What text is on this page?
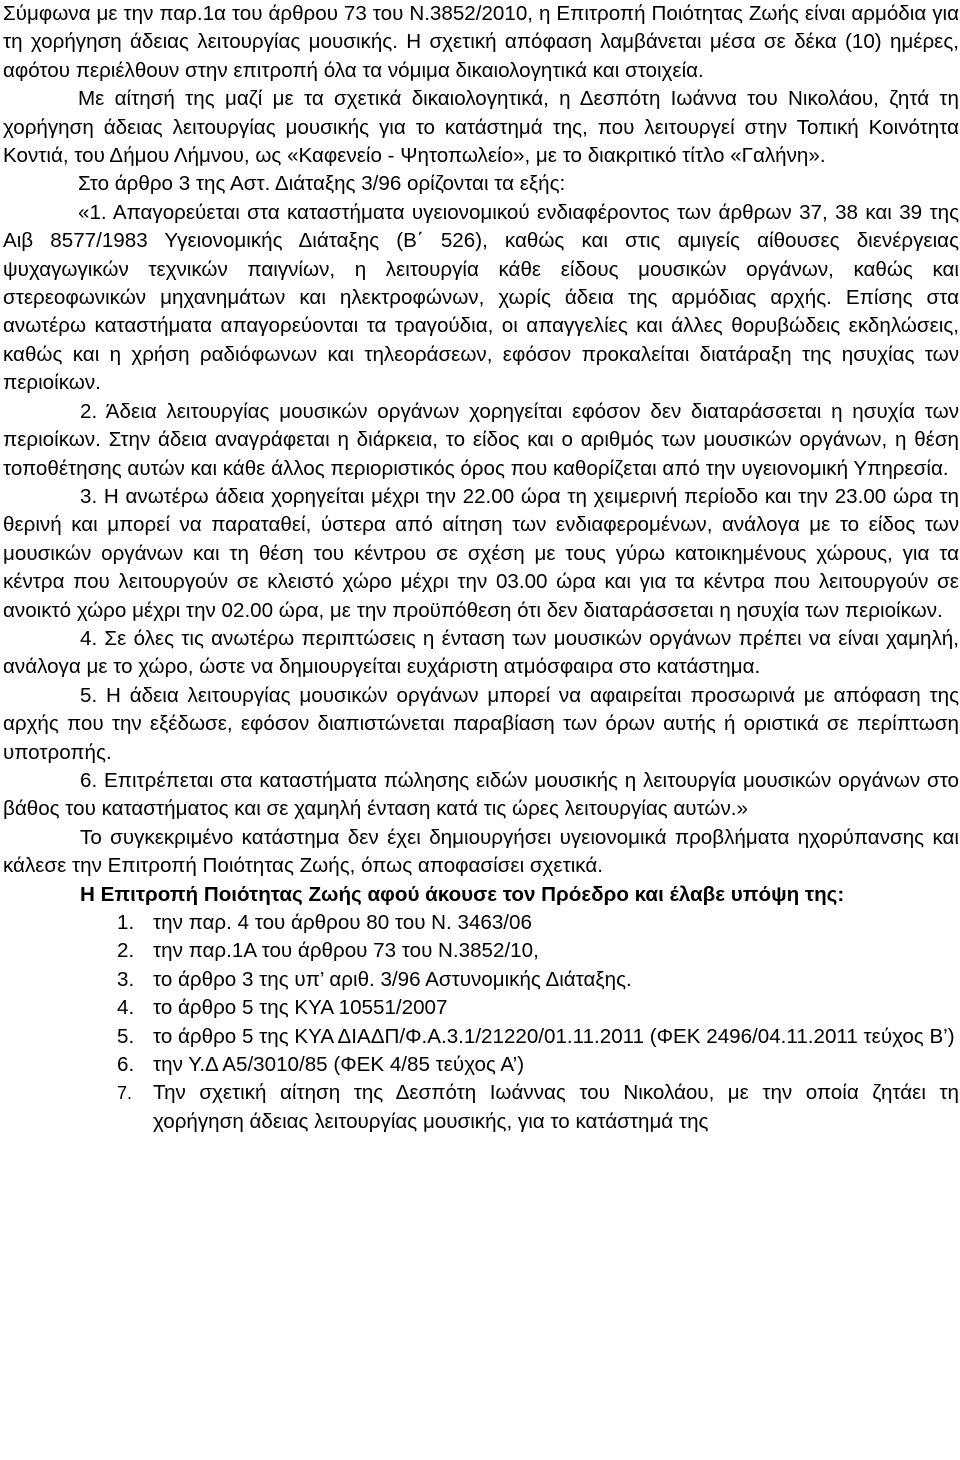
Σύμφωνα με την παρ.1α του άρθρου 73 του Ν.3852/2010, η Επιτροπή Ποιότητας Ζωής είναι αρμόδια για τη χορήγηση άδειας λειτουργίας μουσικής. Η σχετική απόφαση λαμβάνεται μέσα σε δέκα (10) ημέρες, αφότου περιέλθουν στην επιτροπή όλα τα νόμιμα δικαιολογητικά και στοιχεία.

Με αίτησή της μαζί με τα σχετικά δικαιολογητικά, η Δεσπότη Ιωάννα του Νικολάου, ζητά τη χορήγηση άδειας λειτουργίας μουσικής για το κατάστημά της, που λειτουργεί στην Τοπική Κοινότητα Κοντιά, του Δήμου Λήμνου, ως «Καφενείο - Ψητοπωλείο», με το διακριτικό τίτλο «Γαλήνη».

Στο άρθρο 3 της Αστ. Διάταξης 3/96 ορίζονται τα εξής:

«1. Απαγορεύεται στα καταστήματα υγειονομικού ενδιαφέροντος των άρθρων 37, 38 και 39 της Αιβ 8577/1983 Υγειονομικής Διάταξης (Β΄ 526), καθώς και στις αμιγείς αίθουσες διενέργειας ψυχαγωγικών τεχνικών παιγνίων, η λειτουργία κάθε είδους μουσικών οργάνων, καθώς και στερεοφωνικών μηχανημάτων και ηλεκτροφώνων, χωρίς άδεια της αρμόδιας αρχής. Επίσης στα ανωτέρω καταστήματα απαγορεύονται τα τραγούδια, οι απαγγελίες και άλλες θορυβώδεις εκδηλώσεις, καθώς και η χρήση ραδιόφωνων και τηλεοράσεων, εφόσον προκαλείται διατάραξη της ησυχίας των περιοίκων.

2. Άδεια λειτουργίας μουσικών οργάνων χορηγείται εφόσον δεν διαταράσσεται η ησυχία των περιοίκων. Στην άδεια αναγράφεται η διάρκεια, το είδος και ο αριθμός των μουσικών οργάνων, η θέση τοποθέτησης αυτών και κάθε άλλος περιοριστικός όρος που καθορίζεται από την υγειονομική Υπηρεσία.

3. Η ανωτέρω άδεια χορηγείται μέχρι την 22.00 ώρα τη χειμερινή περίοδο και την 23.00 ώρα τη θερινή και μπορεί να παραταθεί, ύστερα από αίτηση των ενδιαφερομένων, ανάλογα με το είδος των μουσικών οργάνων και τη θέση του κέντρου σε σχέση με τους γύρω κατοικημένους χώρους, για τα κέντρα που λειτουργούν σε κλειστό χώρο μέχρι την 03.00 ώρα και για τα κέντρα που λειτουργούν σε ανοικτό χώρο μέχρι την 02.00 ώρα, με την προϋπόθεση ότι δεν διαταράσσεται η ησυχία των περιοίκων.

4. Σε όλες τις ανωτέρω περιπτώσεις η ένταση των μουσικών οργάνων πρέπει να είναι χαμηλή, ανάλογα με το χώρο, ώστε να δημιουργείται ευχάριστη ατμόσφαιρα στο κατάστημα.

5. Η άδεια λειτουργίας μουσικών οργάνων μπορεί να αφαιρείται προσωρινά με απόφαση της αρχής που την εξέδωσε, εφόσον διαπιστώνεται παραβίαση των όρων αυτής ή οριστικά σε περίπτωση υποτροπής.

6. Επιτρέπεται στα καταστήματα πώλησης ειδών μουσικής η λειτουργία μουσικών οργάνων στο βάθος του καταστήματος και σε χαμηλή ένταση κατά τις ώρες λειτουργίας αυτών.»

Το συγκεκριμένο κατάστημα δεν έχει δημιουργήσει υγειονομικά προβλήματα ηχορύπανσης και κάλεσε την Επιτροπή Ποιότητας Ζωής, όπως αποφασίσει σχετικά.

Η Επιτροπή Ποιότητας Ζωής αφού άκουσε τον Πρόεδρο και έλαβε υπόψη της:

1. την παρ. 4 του άρθρου 80 του Ν. 3463/06
2. την παρ.1Α του άρθρου 73 του Ν.3852/10,
3. το άρθρο 3 της υπ’ αριθ. 3/96 Αστυνομικής Διάταξης.
4. το άρθρο 5 της ΚΥΑ 10551/2007
5. το άρθρο 5 της ΚΥΑ ΔΙΑΔΠ/Φ.Α.3.1/21220/01.11.2011 (ΦΕΚ 2496/04.11.2011 τεύχος Β’)
6. την Υ.Δ Α5/3010/85 (ΦΕΚ 4/85 τεύχος Α’)
7. Την σχετική αίτηση της Δεσπότη Ιωάννας του Νικολάου, με την οποία ζητάει τη χορήγηση άδειας λειτουργίας μουσικής, για το κατάστημά της
